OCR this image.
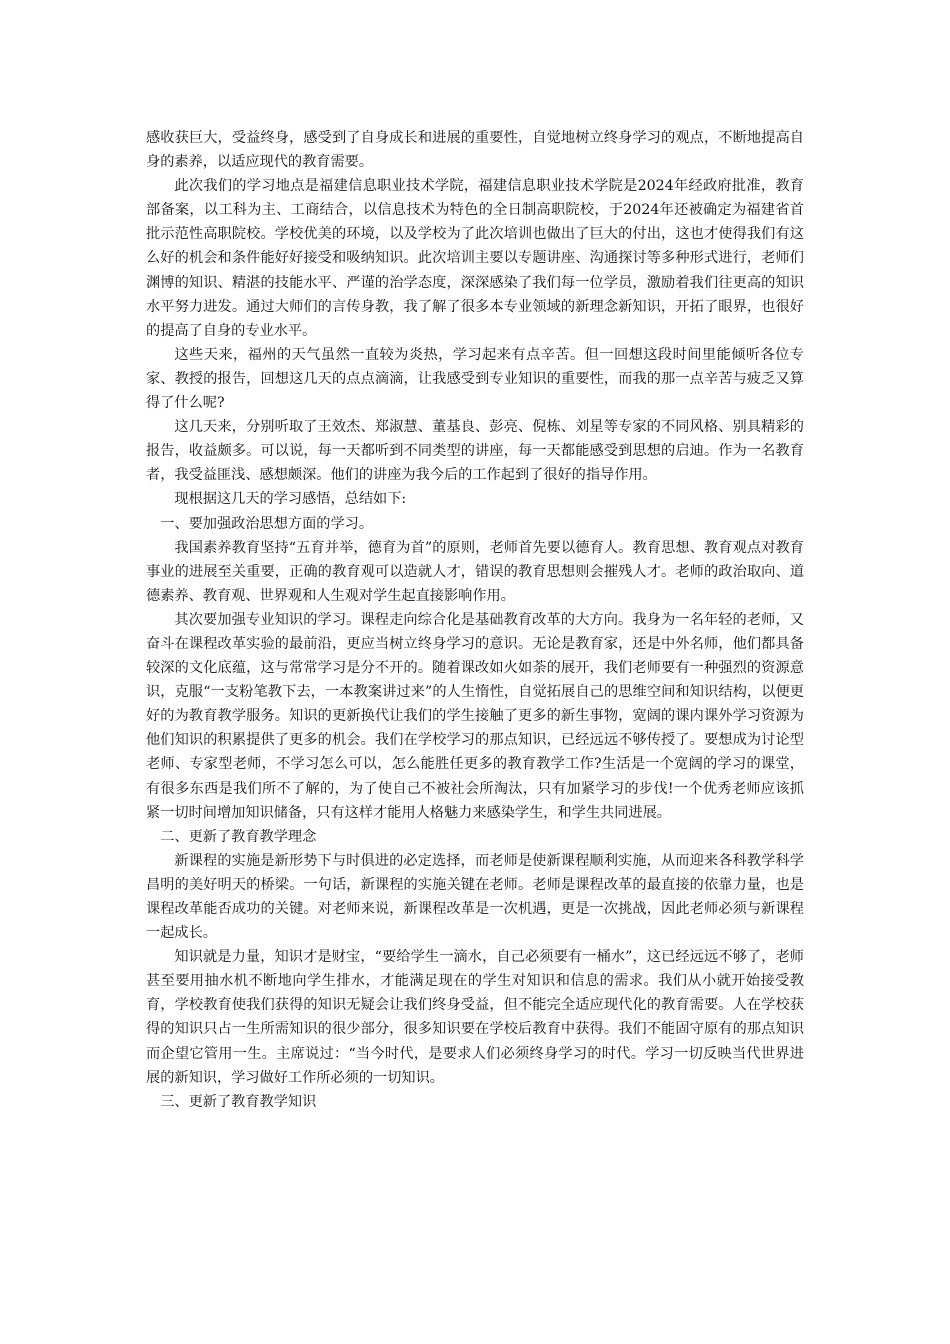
感收获巨大，受益终身，感受到了自身成长和进展的重要性，自觉地树立终身学习的观点，不断地提高自身的素养，以适应现代的教育需要。

此次我们的学习地点是福建信息职业技术学院，福建信息职业技术学院是2024年经政府批准，教育部备案，以工科为主、工商结合，以信息技术为特色的全日制高职院校，于2024年还被确定为福建省首批示范性高职院校。学校优美的环境，以及学校为了此次培训也做出了巨大的付出，这也才使得我们有这么好的机会和条件能好好接受和吸纳知识。此次培训主要以专题讲座、沟通探讨等多种形式进行，老师们渊博的知识、精湛的技能水平、严谨的治学态度，深深感染了我们每一位学员，激励着我们往更高的知识水平努力进发。通过大师们的言传身教，我了解了很多本专业领域的新理念新知识，开拓了眼界，也很好的提高了自身的专业水平。

这些天来，福州的天气虽然一直较为炎热，学习起来有点辛苦。但一回想这段时间里能倾听各位专家、教授的报告，回想这几天的点点滴滴，让我感受到专业知识的重要性，而我的那一点辛苦与疲乏又算得了什么呢?

这几天来，分别听取了王效杰、郑淑慧、董基良、彭亮、倪栋、刘星等专家的不同风格、别具精彩的报告，收益颇多。可以说，每一天都听到不同类型的讲座，每一天都能感受到思想的启迪。作为一名教育者，我受益匪浅、感想颇深。他们的讲座为我今后的工作起到了很好的指导作用。

现根据这几天的学习感悟，总结如下:

一、要加强政治思想方面的学习。

我国素养教育坚持“五育并举，德育为首”的原则，老师首先要以德育人。教育思想、教育观点对教育事业的进展至关重要，正确的教育观可以造就人才，错误的教育思想则会摧残人才。老师的政治取向、道德素养、教育观、世界观和人生观对学生起直接影响作用。

其次要加强专业知识的学习。课程走向综合化是基础教育改革的大方向。我身为一名年轻的老师，又奋斗在课程改革实验的最前沿，更应当树立终身学习的意识。无论是教育家，还是中外名师，他们都具备较深的文化底蕴，这与常常学习是分不开的。随着课改如火如荼的展开，我们老师要有一种强烈的资源意识，克服“一支粉笔教下去，一本教案讲过来”的人生惰性，自觉拓展自己的思维空间和知识结构，以便更好的为教育教学服务。知识的更新换代让我们的学生接触了更多的新生事物，宽阔的课内课外学习资源为他们知识的积累提供了更多的机会。我们在学校学习的那点知识，已经远远不够传授了。要想成为讨论型老师、专家型老师，不学习怎么可以，怎么能胜任更多的教育教学工作?生活是一个宽阔的学习的课堂，有很多东西是我们所不了解的，为了使自己不被社会所淘汰，只有加紧学习的步伐!一个优秀老师应该抓紧一切时间增加知识储备，只有这样才能用人格魅力来感染学生，和学生共同进展。

二、更新了教育教学理念

新课程的实施是新形势下与时俱进的必定选择，而老师是使新课程顺利实施，从而迎来各科教学科学昌明的美好明天的桥梁。一句话，新课程的实施关键在老师。老师是课程改革的最直接的依靠力量，也是课程改革能否成功的关键。对老师来说，新课程改革是一次机遇，更是一次挑战，因此老师必须与新课程一起成长。

知识就是力量，知识才是财宝，“要给学生一滴水，自己必须要有一桶水”，这已经远远不够了，老师甚至要用抽水机不断地向学生排水，才能满足现在的学生对知识和信息的需求。我们从小就开始接受教育，学校教育使我们获得的知识无疑会让我们终身受益，但不能完全适应现代化的教育需要。人在学校获得的知识只占一生所需知识的很少部分，很多知识要在学校后教育中获得。我们不能固守原有的那点知识而企望它管用一生。主席说过：“当今时代，是要求人们必须终身学习的时代。学习一切反映当代世界进展的新知识，学习做好工作所必须的一切知识。

三、更新了教育教学知识
